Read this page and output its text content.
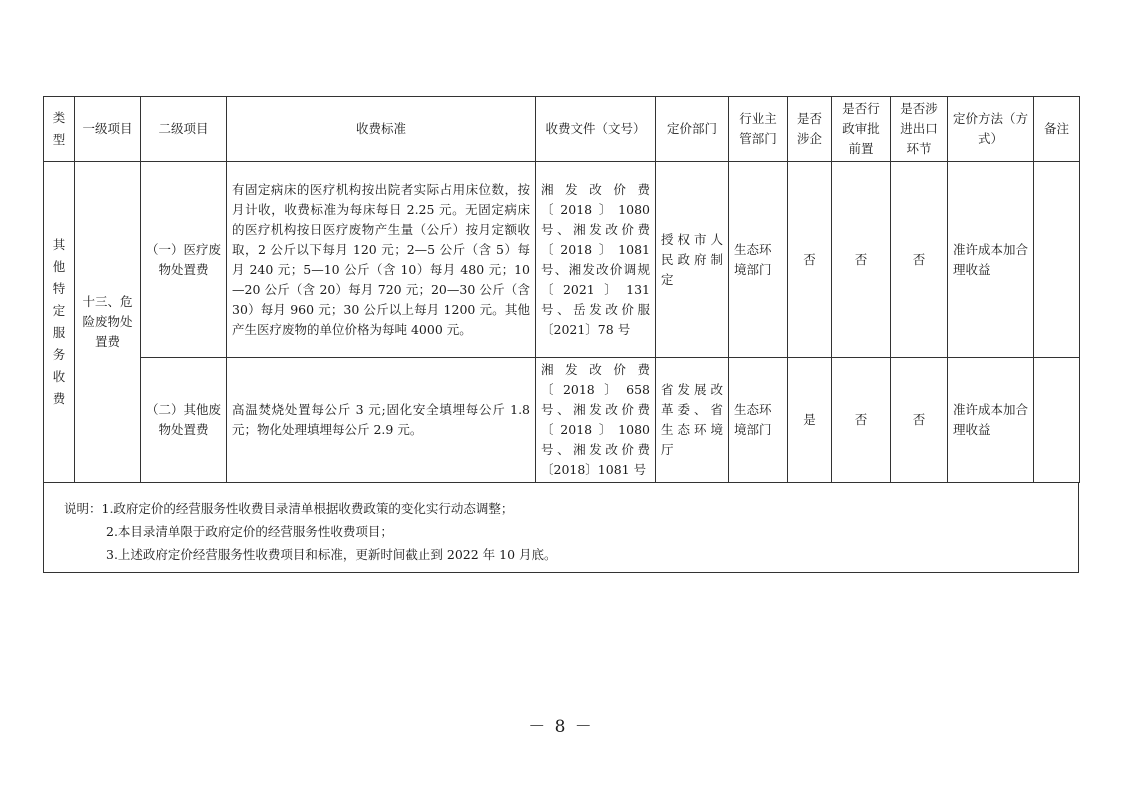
类型	一级项目	二级项目	收费标准	收费文件（文号）	定价部门	行业主管部门	是否涉企	是否行政审批前置	是否涉进出口环节	定价方法（方式）	备注

其他特定服务收费	十三、危险废物处置费	（一）医疗废物处置费	有固定病床的医疗机构按出院者实际占用床位数，按月计收，收费标准为每床每日 2.25 元。无固定病床的医疗机构按日医疗废物产生量（公斤）按月定额收取，2 公斤以下每月 120 元；2—5 公斤（含 5）每月 240 元；5—10 公斤（含 10）每月 480 元；10—20 公斤（含 20）每月 720 元；20—30 公斤（含 30）每月 960 元；30 公斤以上每月 1200 元。其他产生医疗废物的单位价格为每吨 4000 元。	湘发改价费〔2018〕1080 号、湘发改价费〔2018〕1081 号、湘发改价调规〔2021〕131 号、岳发改价服〔2021〕78 号	授权市人民政府制定	生态环境部门	否	否	否	准许成本加合理收益	
		（二）其他废物处置费	高温焚烧处置每公斤 3 元;固化安全填埋每公斤 1.8 元；物化处理填埋每公斤 2.9 元。	湘发改价费〔2018〕658 号、湘发改价费〔2018〕1080 号、湘发改价费〔2018〕1081 号	省发展改革委、省生态环境厅	生态环境部门	是	否	否	准许成本加合理收益	
说明：1.政府定价的经营服务性收费目录清单根据收费政策的变化实行动态调整；
2.本目录清单限于政府定价的经营服务性收费项目；
3.上述政府定价经营服务性收费项目和标准，更新时间截止到 2022 年 10 月底。
－ 8 －
